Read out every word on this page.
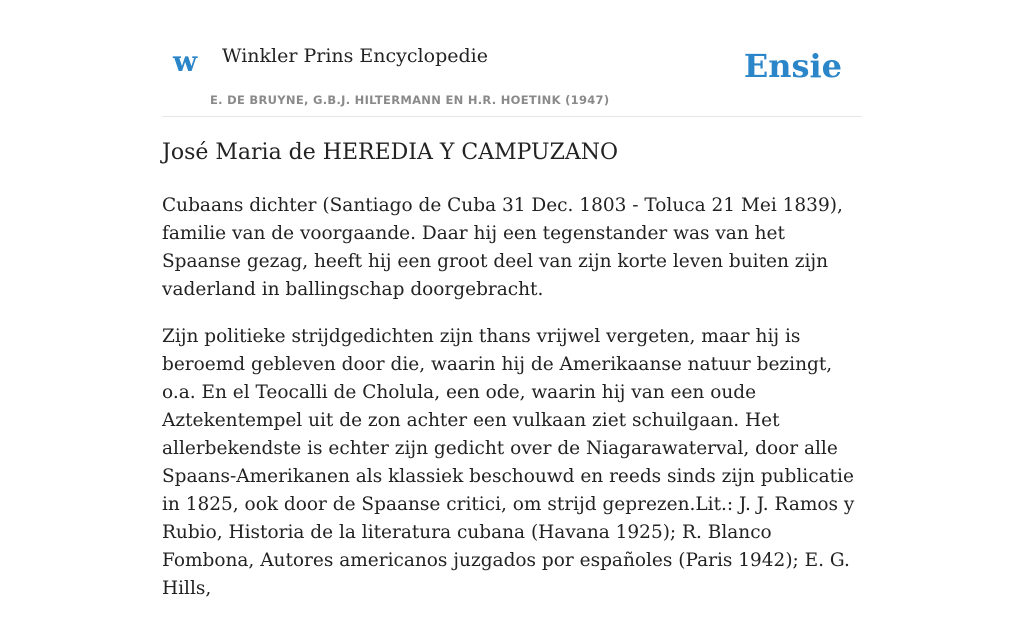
w Winkler Prins Encyclopedie
E. DE BRUYNE, G.B.J. HILTERMANN EN H.R. HOETINK (1947)
Ensie
José Maria de HEREDIA Y CAMPUZANO

Cubaans dichter (Santiago de Cuba 31 Dec. 1803 - Toluca 21 Mei 1839), familie van de voorgaande. Daar hij een tegenstander was van het Spaanse gezag, heeft hij een groot deel van zijn korte leven buiten zijn vaderland in ballingschap doorgebracht.

Zijn politieke strijdgedichten zijn thans vrijwel vergeten, maar hij is beroemd gebleven door die, waarin hij de Amerikaanse natuur bezingt, o.a. En el Teocalli de Cholula, een ode, waarin hij van een oude Aztekentempel uit de zon achter een vulkaan ziet schuilgaan. Het allerbekendste is echter zijn gedicht over de Niagarawaterval, door alle Spaans-Amerikanen als klassiek beschouwd en reeds sinds zijn publicatie in 1825, ook door de Spaanse critici, om strijd geprezen.Lit.: J. J. Ramos y Rubio, Historia de la literatura cubana (Havana 1925); R. Blanco Fombona, Autores americanos juzgados por españoles (Paris 1942); E. G. Hills,
